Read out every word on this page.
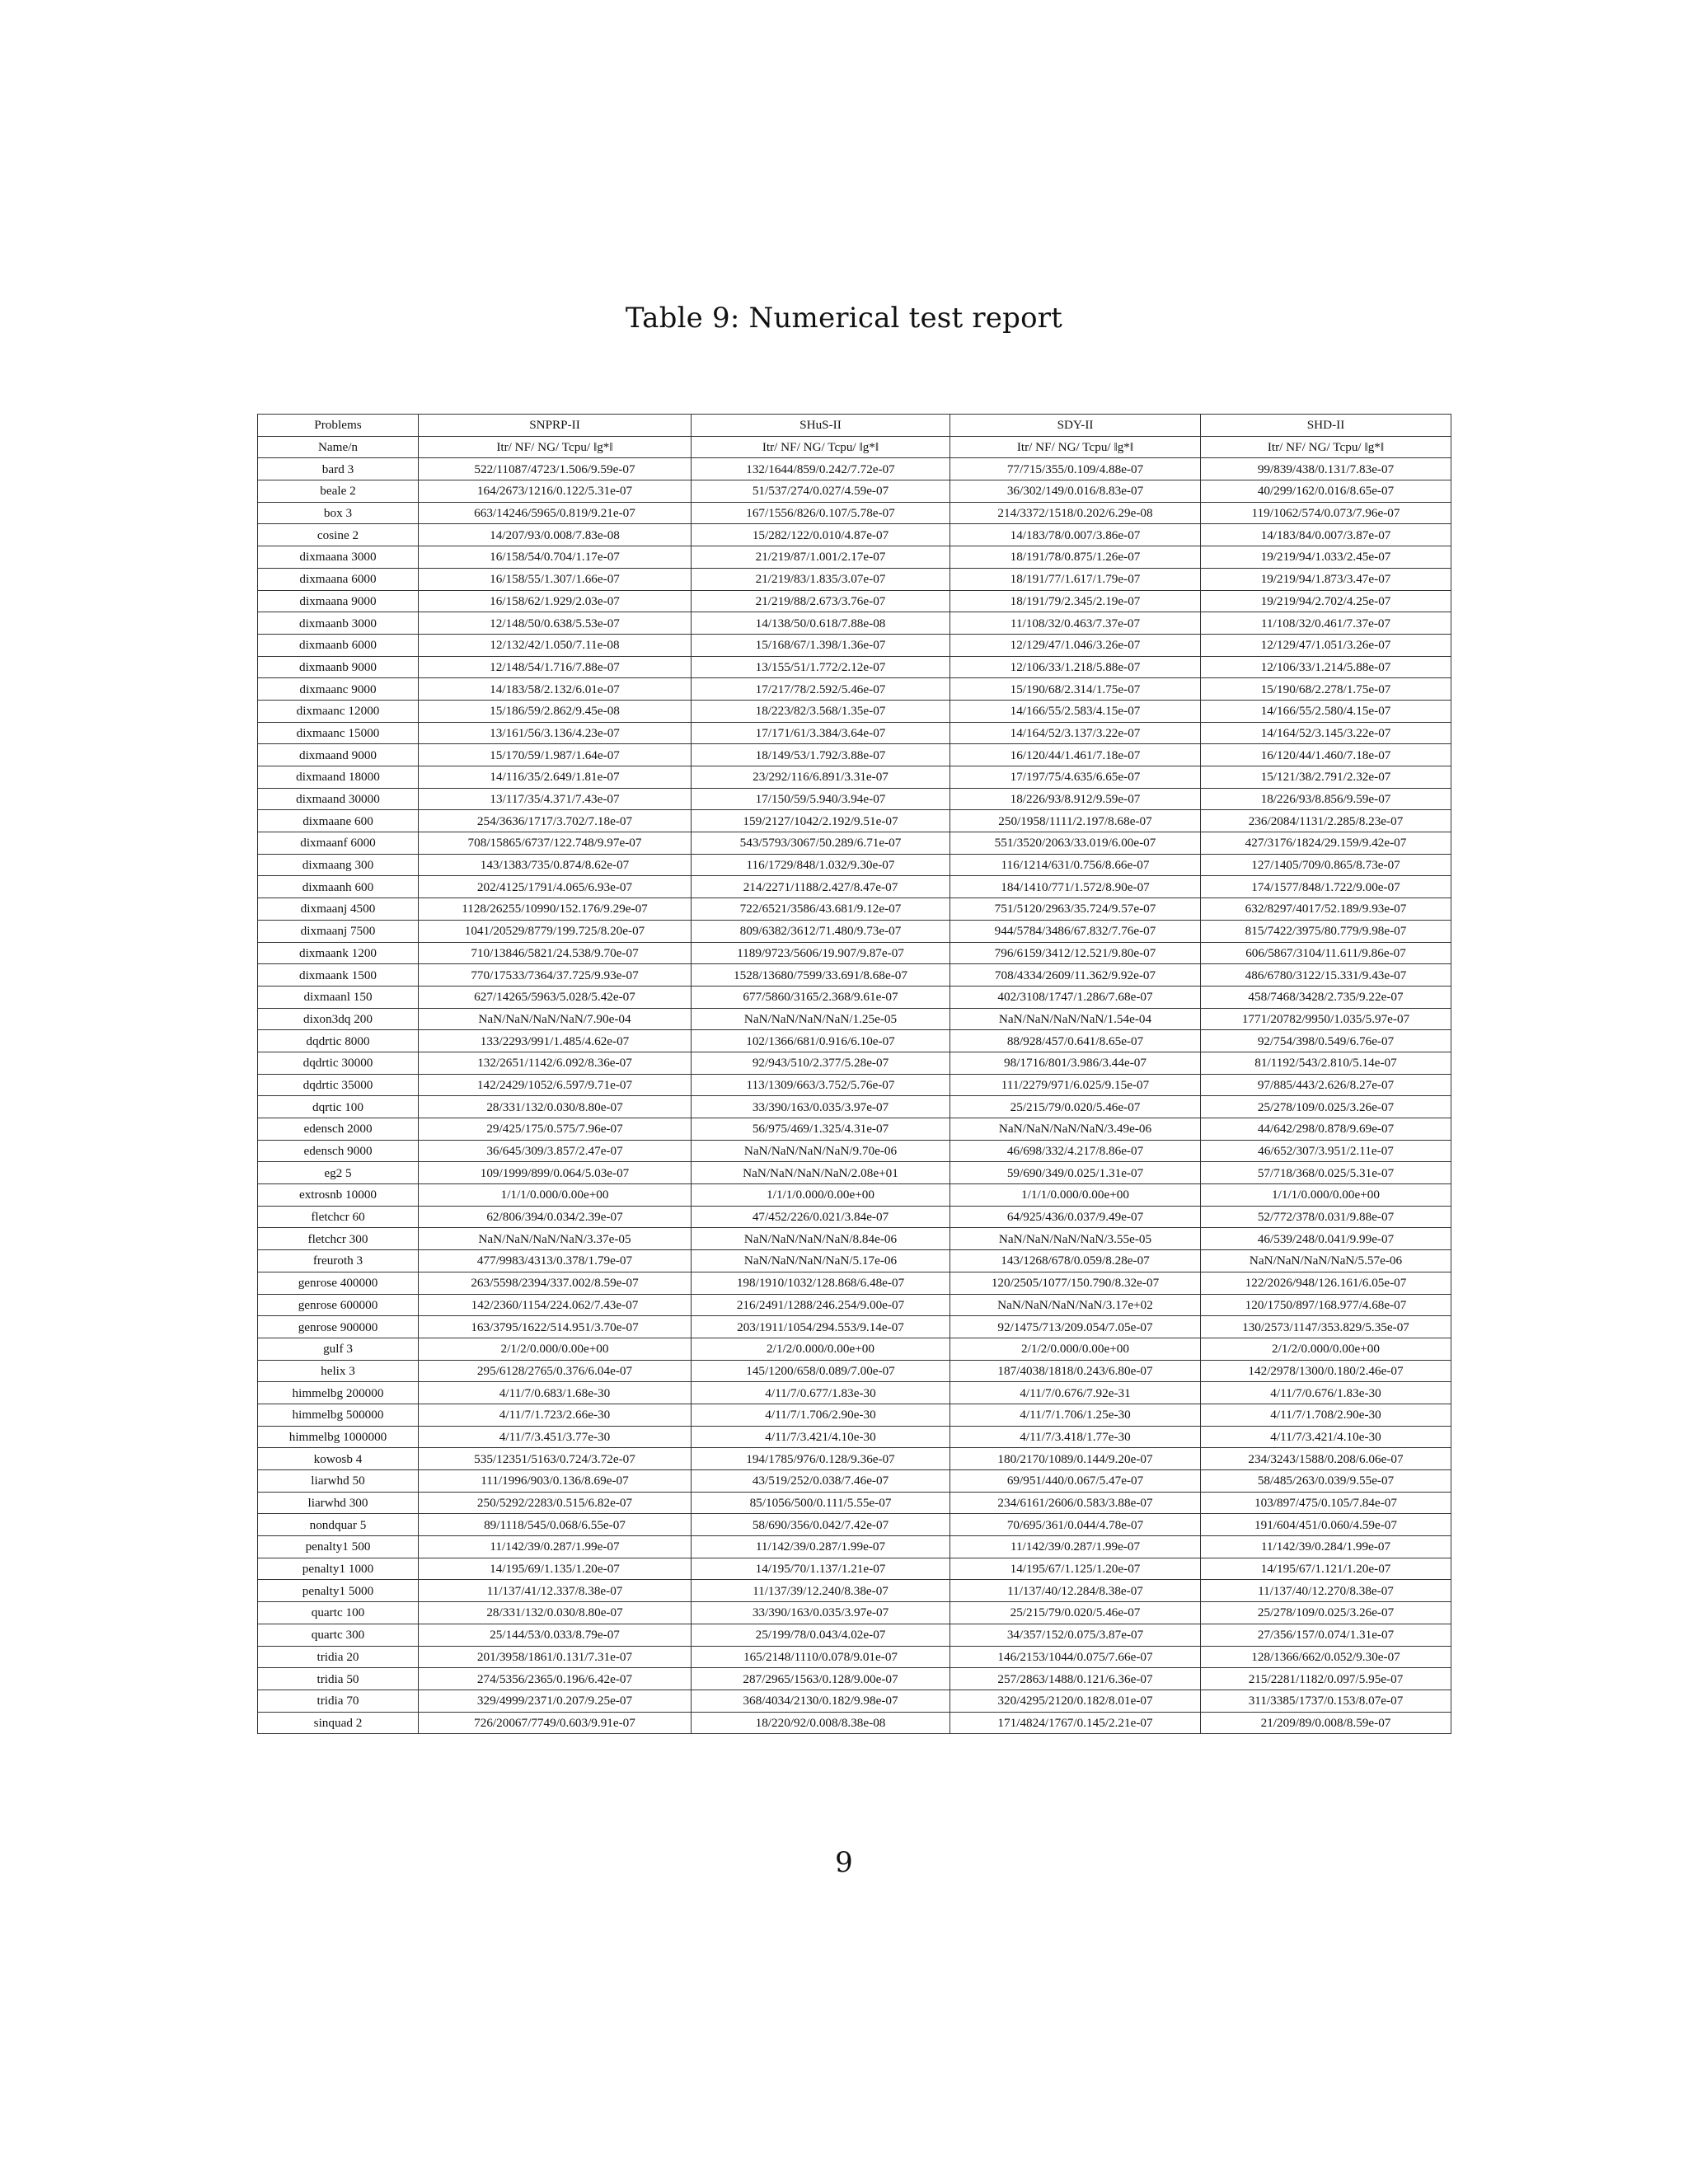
Table 9: Numerical test report
Problems	SNPRP-II	SHuS-II	SDY-II	SHD-II
Name/n	Itr/ NF/ NG/ Tcpu/ ‖g*‖	Itr/ NF/ NG/ Tcpu/ ‖g*‖	Itr/ NF/ NG/ Tcpu/ ‖g*‖	Itr/ NF/ NG/ Tcpu/ ‖g*‖
bard 3	522/11087/4723/1.506/9.59e-07	132/1644/859/0.242/7.72e-07	77/715/355/0.109/4.88e-07	99/839/438/0.131/7.83e-07
beale 2	164/2673/1216/0.122/5.31e-07	51/537/274/0.027/4.59e-07	36/302/149/0.016/8.83e-07	40/299/162/0.016/8.65e-07
box 3	663/14246/5965/0.819/9.21e-07	167/1556/826/0.107/5.78e-07	214/3372/1518/0.202/6.29e-08	119/1062/574/0.073/7.96e-07
cosine 2	14/207/93/0.008/7.83e-08	15/282/122/0.010/4.87e-07	14/183/78/0.007/3.86e-07	14/183/84/0.007/3.87e-07
dixmaana 3000	16/158/54/0.704/1.17e-07	21/219/87/1.001/2.17e-07	18/191/78/0.875/1.26e-07	19/219/94/1.033/2.45e-07
dixmaana 6000	16/158/55/1.307/1.66e-07	21/219/83/1.835/3.07e-07	18/191/77/1.617/1.79e-07	19/219/94/1.873/3.47e-07
dixmaana 9000	16/158/62/1.929/2.03e-07	21/219/88/2.673/3.76e-07	18/191/79/2.345/2.19e-07	19/219/94/2.702/4.25e-07
dixmaanb 3000	12/148/50/0.638/5.53e-07	14/138/50/0.618/7.88e-08	11/108/32/0.463/7.37e-07	11/108/32/0.461/7.37e-07
dixmaanb 6000	12/132/42/1.050/7.11e-08	15/168/67/1.398/1.36e-07	12/129/47/1.046/3.26e-07	12/129/47/1.051/3.26e-07
dixmaanb 9000	12/148/54/1.716/7.88e-07	13/155/51/1.772/2.12e-07	12/106/33/1.218/5.88e-07	12/106/33/1.214/5.88e-07
dixmaanc 9000	14/183/58/2.132/6.01e-07	17/217/78/2.592/5.46e-07	15/190/68/2.314/1.75e-07	15/190/68/2.278/1.75e-07
dixmaanc 12000	15/186/59/2.862/9.45e-08	18/223/82/3.568/1.35e-07	14/166/55/2.583/4.15e-07	14/166/55/2.580/4.15e-07
dixmaanc 15000	13/161/56/3.136/4.23e-07	17/171/61/3.384/3.64e-07	14/164/52/3.137/3.22e-07	14/164/52/3.145/3.22e-07
dixmaand 9000	15/170/59/1.987/1.64e-07	18/149/53/1.792/3.88e-07	16/120/44/1.461/7.18e-07	16/120/44/1.460/7.18e-07
dixmaand 18000	14/116/35/2.649/1.81e-07	23/292/116/6.891/3.31e-07	17/197/75/4.635/6.65e-07	15/121/38/2.791/2.32e-07
dixmaand 30000	13/117/35/4.371/7.43e-07	17/150/59/5.940/3.94e-07	18/226/93/8.912/9.59e-07	18/226/93/8.856/9.59e-07
dixmaane 600	254/3636/1717/3.702/7.18e-07	159/2127/1042/2.192/9.51e-07	250/1958/1111/2.197/8.68e-07	236/2084/1131/2.285/8.23e-07
dixmaanf 6000	708/15865/6737/122.748/9.97e-07	543/5793/3067/50.289/6.71e-07	551/3520/2063/33.019/6.00e-07	427/3176/1824/29.159/9.42e-07
dixmaang 300	143/1383/735/0.874/8.62e-07	116/1729/848/1.032/9.30e-07	116/1214/631/0.756/8.66e-07	127/1405/709/0.865/8.73e-07
dixmaanh 600	202/4125/1791/4.065/6.93e-07	214/2271/1188/2.427/8.47e-07	184/1410/771/1.572/8.90e-07	174/1577/848/1.722/9.00e-07
dixmaanj 4500	1128/26255/10990/152.176/9.29e-07	722/6521/3586/43.681/9.12e-07	751/5120/2963/35.724/9.57e-07	632/8297/4017/52.189/9.93e-07
dixmaanj 7500	1041/20529/8779/199.725/8.20e-07	809/6382/3612/71.480/9.73e-07	944/5784/3486/67.832/7.76e-07	815/7422/3975/80.779/9.98e-07
dixmaank 1200	710/13846/5821/24.538/9.70e-07	1189/9723/5606/19.907/9.87e-07	796/6159/3412/12.521/9.80e-07	606/5867/3104/11.611/9.86e-07
dixmaank 1500	770/17533/7364/37.725/9.93e-07	1528/13680/7599/33.691/8.68e-07	708/4334/2609/11.362/9.92e-07	486/6780/3122/15.331/9.43e-07
dixmaanl 150	627/14265/5963/5.028/5.42e-07	677/5860/3165/2.368/9.61e-07	402/3108/1747/1.286/7.68e-07	458/7468/3428/2.735/9.22e-07
dixon3dq 200	NaN/NaN/NaN/NaN/7.90e-04	NaN/NaN/NaN/NaN/1.25e-05	NaN/NaN/NaN/NaN/1.54e-04	1771/20782/9950/1.035/5.97e-07
dqdrtic 8000	133/2293/991/1.485/4.62e-07	102/1366/681/0.916/6.10e-07	88/928/457/0.641/8.65e-07	92/754/398/0.549/6.76e-07
dqdrtic 30000	132/2651/1142/6.092/8.36e-07	92/943/510/2.377/5.28e-07	98/1716/801/3.986/3.44e-07	81/1192/543/2.810/5.14e-07
dqdrtic 35000	142/2429/1052/6.597/9.71e-07	113/1309/663/3.752/5.76e-07	111/2279/971/6.025/9.15e-07	97/885/443/2.626/8.27e-07
dqrtic 100	28/331/132/0.030/8.80e-07	33/390/163/0.035/3.97e-07	25/215/79/0.020/5.46e-07	25/278/109/0.025/3.26e-07
edensch 2000	29/425/175/0.575/7.96e-07	56/975/469/1.325/4.31e-07	NaN/NaN/NaN/NaN/3.49e-06	44/642/298/0.878/9.69e-07
edensch 9000	36/645/309/3.857/2.47e-07	NaN/NaN/NaN/NaN/9.70e-06	46/698/332/4.217/8.86e-07	46/652/307/3.951/2.11e-07
eg2 5	109/1999/899/0.064/5.03e-07	NaN/NaN/NaN/NaN/2.08e+01	59/690/349/0.025/1.31e-07	57/718/368/0.025/5.31e-07
extrosnb 10000	1/1/1/0.000/0.00e+00	1/1/1/0.000/0.00e+00	1/1/1/0.000/0.00e+00	1/1/1/0.000/0.00e+00
fletchcr 60	62/806/394/0.034/2.39e-07	47/452/226/0.021/3.84e-07	64/925/436/0.037/9.49e-07	52/772/378/0.031/9.88e-07
fletchcr 300	NaN/NaN/NaN/NaN/3.37e-05	NaN/NaN/NaN/NaN/8.84e-06	NaN/NaN/NaN/NaN/3.55e-05	46/539/248/0.041/9.99e-07
freuroth 3	477/9983/4313/0.378/1.79e-07	NaN/NaN/NaN/NaN/5.17e-06	143/1268/678/0.059/8.28e-07	NaN/NaN/NaN/NaN/5.57e-06
genrose 400000	263/5598/2394/337.002/8.59e-07	198/1910/1032/128.868/6.48e-07	120/2505/1077/150.790/8.32e-07	122/2026/948/126.161/6.05e-07
genrose 600000	142/2360/1154/224.062/7.43e-07	216/2491/1288/246.254/9.00e-07	NaN/NaN/NaN/NaN/3.17e+02	120/1750/897/168.977/4.68e-07
genrose 900000	163/3795/1622/514.951/3.70e-07	203/1911/1054/294.553/9.14e-07	92/1475/713/209.054/7.05e-07	130/2573/1147/353.829/5.35e-07
gulf 3	2/1/2/0.000/0.00e+00	2/1/2/0.000/0.00e+00	2/1/2/0.000/0.00e+00	2/1/2/0.000/0.00e+00
helix 3	295/6128/2765/0.376/6.04e-07	145/1200/658/0.089/7.00e-07	187/4038/1818/0.243/6.80e-07	142/2978/1300/0.180/2.46e-07
himmelbg 200000	4/11/7/0.683/1.68e-30	4/11/7/0.677/1.83e-30	4/11/7/0.676/7.92e-31	4/11/7/0.676/1.83e-30
himmelbg 500000	4/11/7/1.723/2.66e-30	4/11/7/1.706/2.90e-30	4/11/7/1.706/1.25e-30	4/11/7/1.708/2.90e-30
himmelbg 1000000	4/11/7/3.451/3.77e-30	4/11/7/3.421/4.10e-30	4/11/7/3.418/1.77e-30	4/11/7/3.421/4.10e-30
kowosb 4	535/12351/5163/0.724/3.72e-07	194/1785/976/0.128/9.36e-07	180/2170/1089/0.144/9.20e-07	234/3243/1588/0.208/6.06e-07
liarwhd 50	111/1996/903/0.136/8.69e-07	43/519/252/0.038/7.46e-07	69/951/440/0.067/5.47e-07	58/485/263/0.039/9.55e-07
liarwhd 300	250/5292/2283/0.515/6.82e-07	85/1056/500/0.111/5.55e-07	234/6161/2606/0.583/3.88e-07	103/897/475/0.105/7.84e-07
nondquar 5	89/1118/545/0.068/6.55e-07	58/690/356/0.042/7.42e-07	70/695/361/0.044/4.78e-07	191/604/451/0.060/4.59e-07
penalty1 500	11/142/39/0.287/1.99e-07	11/142/39/0.287/1.99e-07	11/142/39/0.287/1.99e-07	11/142/39/0.284/1.99e-07
penalty1 1000	14/195/69/1.135/1.20e-07	14/195/70/1.137/1.21e-07	14/195/67/1.125/1.20e-07	14/195/67/1.121/1.20e-07
penalty1 5000	11/137/41/12.337/8.38e-07	11/137/39/12.240/8.38e-07	11/137/40/12.284/8.38e-07	11/137/40/12.270/8.38e-07
quartc 100	28/331/132/0.030/8.80e-07	33/390/163/0.035/3.97e-07	25/215/79/0.020/5.46e-07	25/278/109/0.025/3.26e-07
quartc 300	25/144/53/0.033/8.79e-07	25/199/78/0.043/4.02e-07	34/357/152/0.075/3.87e-07	27/356/157/0.074/1.31e-07
tridia 20	201/3958/1861/0.131/7.31e-07	165/2148/1110/0.078/9.01e-07	146/2153/1044/0.075/7.66e-07	128/1366/662/0.052/9.30e-07
tridia 50	274/5356/2365/0.196/6.42e-07	287/2965/1563/0.128/9.00e-07	257/2863/1488/0.121/6.36e-07	215/2281/1182/0.097/5.95e-07
tridia 70	329/4999/2371/0.207/9.25e-07	368/4034/2130/0.182/9.98e-07	320/4295/2120/0.182/8.01e-07	311/3385/1737/0.153/8.07e-07
sinquad 2	726/20067/7749/0.603/9.91e-07	18/220/92/0.008/8.38e-08	171/4824/1767/0.145/2.21e-07	21/209/89/0.008/8.59e-07
9
